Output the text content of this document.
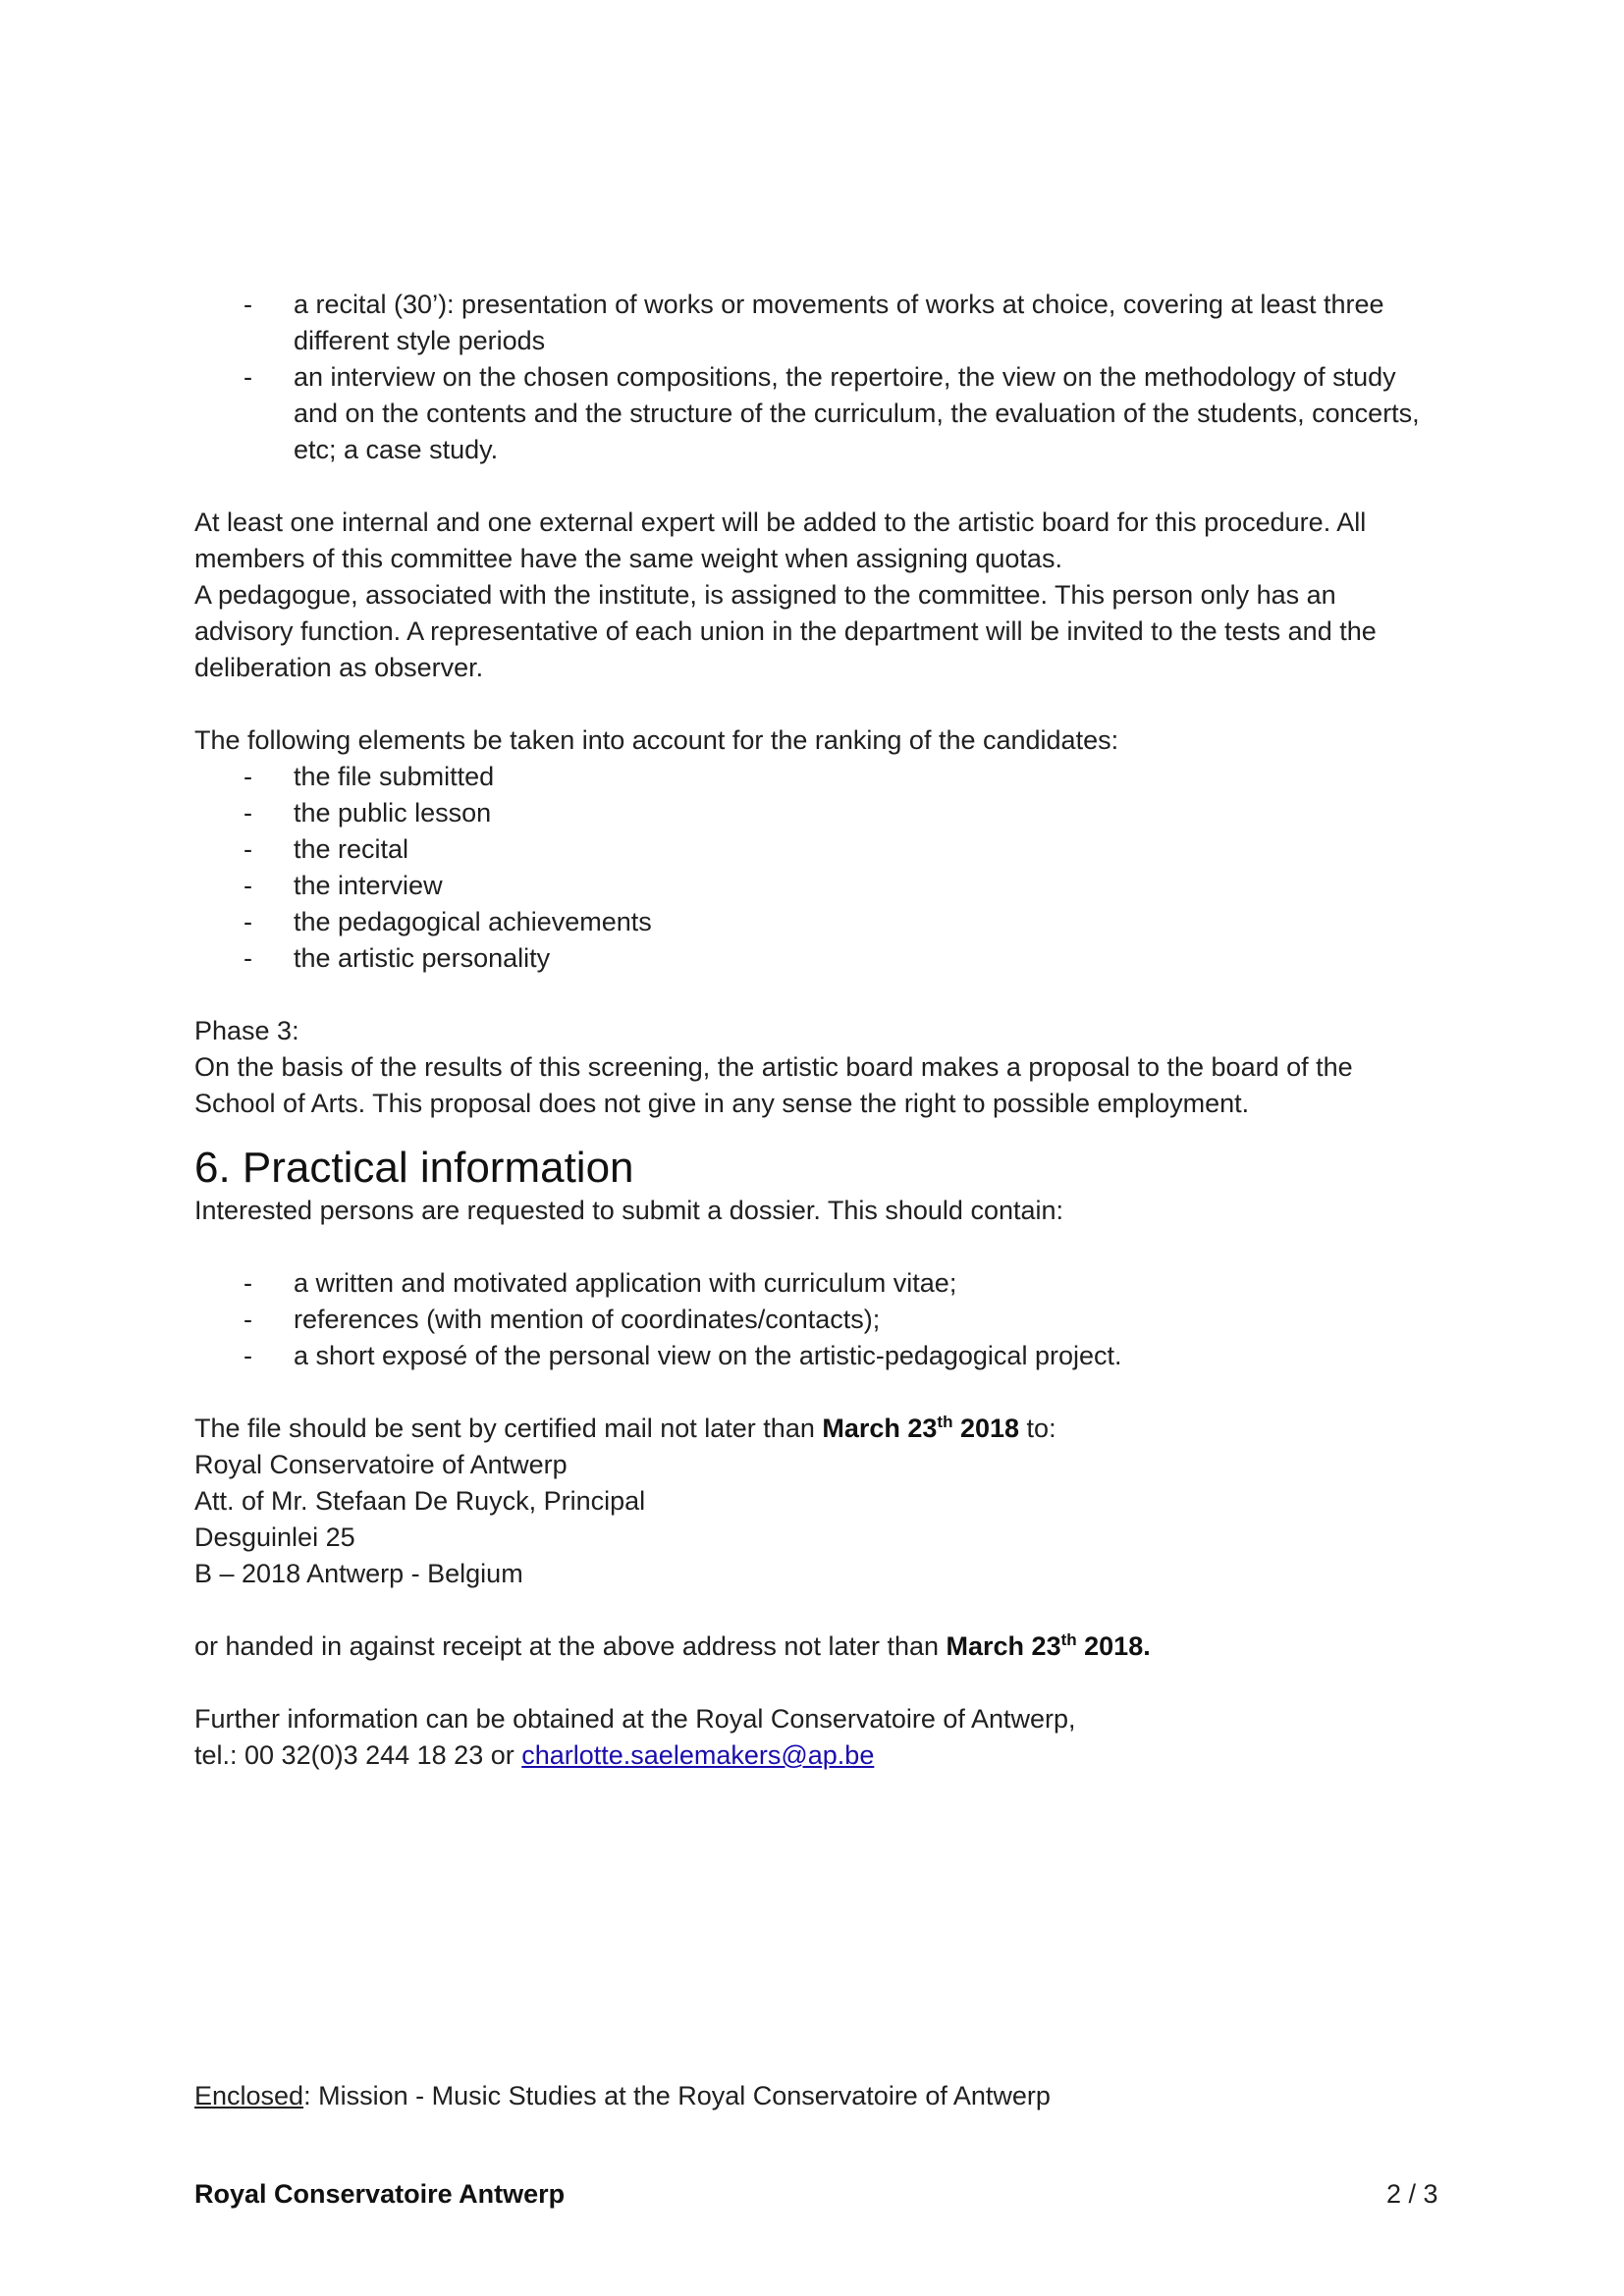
- a recital (30’): presentation of works or movements of works at choice, covering at least three different style periods
- an interview on the chosen compositions, the repertoire, the view on the methodology of study and on the contents and the structure of the curriculum, the evaluation of the students, concerts, etc; a case study.

At least one internal and one external expert will be added to the artistic board for this procedure. All members of this committee have the same weight when assigning quotas.

A pedagogue, associated with the institute, is assigned to the committee. This person only has an advisory function. A representative of each union in the department will be invited to the tests and the deliberation as observer.

The following elements be taken into account for the ranking of the candidates:

- the file submitted
- the public lesson
- the recital
- the interview
- the pedagogical achievements
- the artistic personality

Phase 3:

On the basis of the results of this screening, the artistic board makes a proposal to the board of the School of Arts. This proposal does not give in any sense the right to possible employment.

6. Practical information

Interested persons are requested to submit a dossier. This should contain:

- a written and motivated application with curriculum vitae;
- references (with mention of coordinates/contacts);
- a short exposé of the personal view on the artistic-pedagogical project.

The file should be sent by certified mail not later than March 23th 2018 to:

Royal Conservatoire of Antwerp

Att. of Mr. Stefaan De Ruyck, Principal

Desguinlei 25

B – 2018 Antwerp - Belgium

or handed in against receipt at the above address not later than March 23th 2018.

Further information can be obtained at the Royal Conservatoire of Antwerp,

tel.: 00 32(0)3 244 18 23 or charlotte.saelemakers@ap.be

Enclosed: Mission - Music Studies at the Royal Conservatoire of Antwerp

Royal Conservatoire Antwerp	2 / 3
